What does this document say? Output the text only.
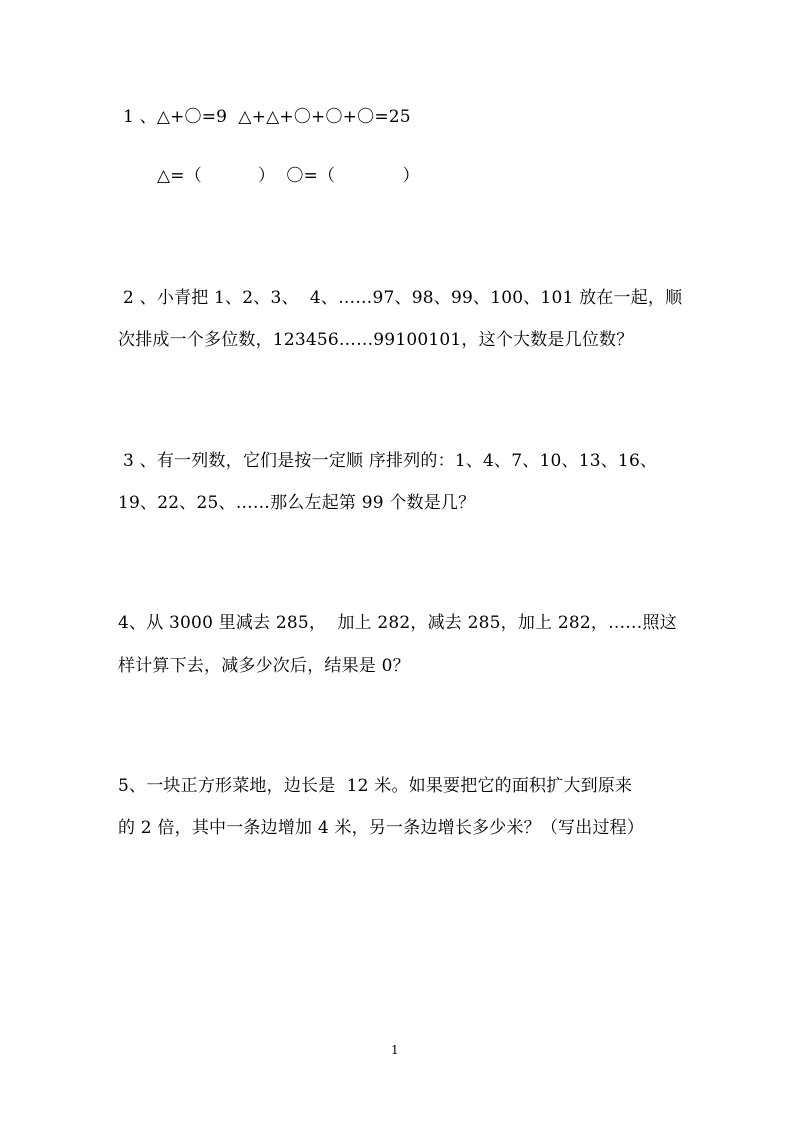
1 、△+〇=9  △+△+〇+〇+〇=25
△=（          ）  〇=（            ）
2 、小青把 1、2、3、  4、……97、98、99、100、101 放在一起，顺
次排成一个多位数，123456……99100101，这个大数是几位数？
3 、有一列数，它们是按一定顺 序排列的：1、4、7、10、13、16、
19、22、25、……那么左起第 99 个数是几？
4、从 3000 里减去 285，  加上 282，减去 285，加上 282，……照这
样计算下去，减多少次后，结果是 0？
5、一块正方形菜地，边长是  12 米。如果要把它的面积扩大到原来
的 2 倍，其中一条边增加 4 米，另一条边增长多少米？（写出过程）
1
